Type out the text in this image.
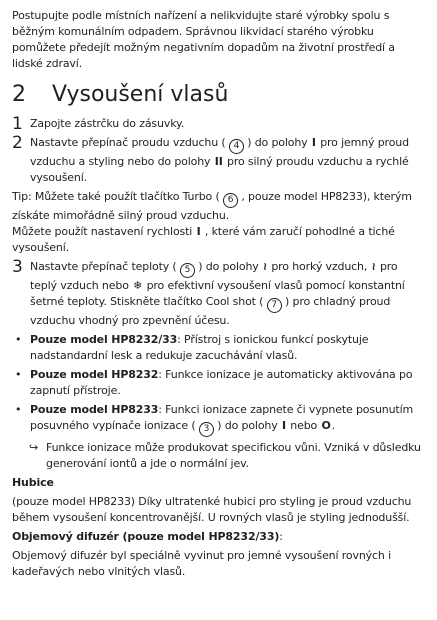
Postupujte podle místních nařízení a nelikvidujte staré výrobky spolu s běžným komunálním odpadem. Správnou likvidací starého výrobku pomůžete předejít možným negativním dopadům na životní prostředí a lidské zdraví.

2	Vysoušení vlasů
1 Zapojte zástrčku do zásuvky.
2 Nastavte přepínač proudu vzduchu ( 4 ) do polohy I pro jemný proud vzduchu a styling nebo do polohy II pro silný proudu vzduchu a rychlé vysoušení.
Tip: Můžete také použít tlačítko Turbo ( 6 , pouze model HP8233), kterým získáte mimořádně silný proud vzduchu.
Můžete použít nastavení rychlosti I , které vám zaručí pohodlné a tiché vysoušení.
3 Nastavte přepínač teploty ( 5 ) do polohy ≀ pro horký vzduch, ≀ pro teplý vzduch nebo ❄ pro efektivní vysoušení vlasů pomocí konstantní šetrné teploty. Stiskněte tlačítko Cool shot ( 7 ) pro chladný proud vzduchu vhodný pro zpevnění účesu.
• Pouze model HP8232/33: Přístroj s ionickou funkcí poskytuje nadstandardní lesk a redukuje zacuchávání vlasů.
• Pouze model HP8232: Funkce ionizace je automaticky aktivována po zapnutí přístroje.
• Pouze model HP8233: Funkci ionizace zapnete či vypnete posunutím posuvného vypínače ionizace ( 3 ) do polohy I nebo O.
↪ Funkce ionizace může produkovat specifickou vůni. Vzniká v důsledku generování iontů a jde o normální jev.

Hubice

(pouze model HP8233) Díky ultratenké hubici pro styling je proud vzduchu během vysoušení koncentrovanější. U rovných vlasů je styling jednodušší.

Objemový difuzér (pouze model HP8232/33):

Objemový difuzér byl speciálně vyvinut pro jemné vysoušení rovných i kadeřavých nebo vlnitých vlasů.
